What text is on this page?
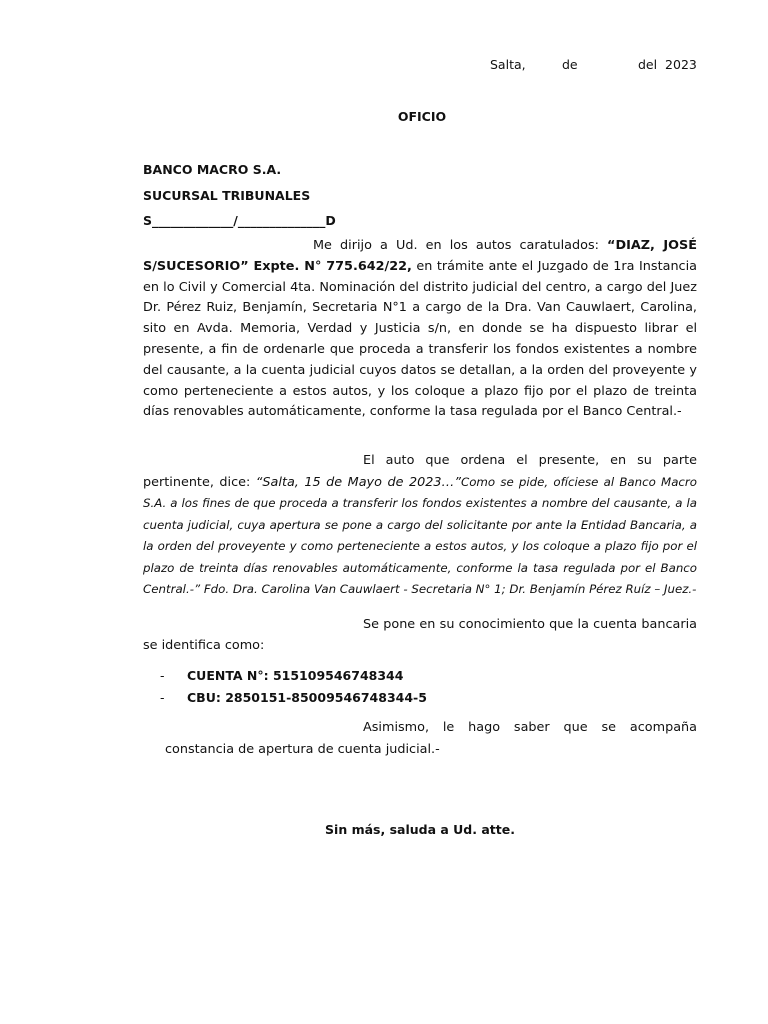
Salta,	de	del  2023
OFICIO
BANCO MACRO S.A.
SUCURSAL TRIBUNALES
S_____________/______________D
Me dirijo a Ud. en los autos caratulados: “DIAZ, JOSÉ S/SUCESORIO” Expte. N° 775.642/22, en trámite ante el Juzgado de 1ra Instancia en lo Civil y Comercial 4ta. Nominación del distrito judicial del centro, a cargo del Juez Dr. Pérez Ruiz, Benjamín, Secretaria N°1 a cargo de la Dra. Van Cauwlaert, Carolina, sito en Avda. Memoria, Verdad y Justicia s/n, en donde se ha dispuesto librar el presente, a fin de ordenarle que proceda a transferir los fondos existentes a nombre del causante, a la cuenta judicial cuyos datos se detallan, a la orden del proveyente y como perteneciente a estos autos, y los coloque a plazo fijo por el plazo de treinta días renovables automáticamente, conforme la tasa regulada por el Banco Central.-
El auto que ordena el presente, en su parte pertinente, dice: “Salta, 15 de Mayo de 2023…”Como se pide, ofíciese al Banco Macro S.A. a los fines de que proceda a transferir los fondos existentes a nombre del causante, a la cuenta judicial, cuya apertura se pone a cargo del solicitante por ante la Entidad Bancaria, a la orden del proveyente y como perteneciente a estos autos, y los coloque a plazo fijo por el plazo de treinta días renovables automáticamente, conforme la tasa regulada por el Banco Central.-” Fdo. Dra. Carolina Van Cauwlaert - Secretaria N° 1; Dr. Benjamín Pérez Ruíz – Juez.-
Se pone en su conocimiento que la cuenta bancaria se identifica como:
- CUENTA N°: 515109546748344
- CBU: 2850151-85009546748344-5
Asimismo, le hago saber que se acompaña constancia de apertura de cuenta judicial.-
Sin más, saluda a Ud. atte.
